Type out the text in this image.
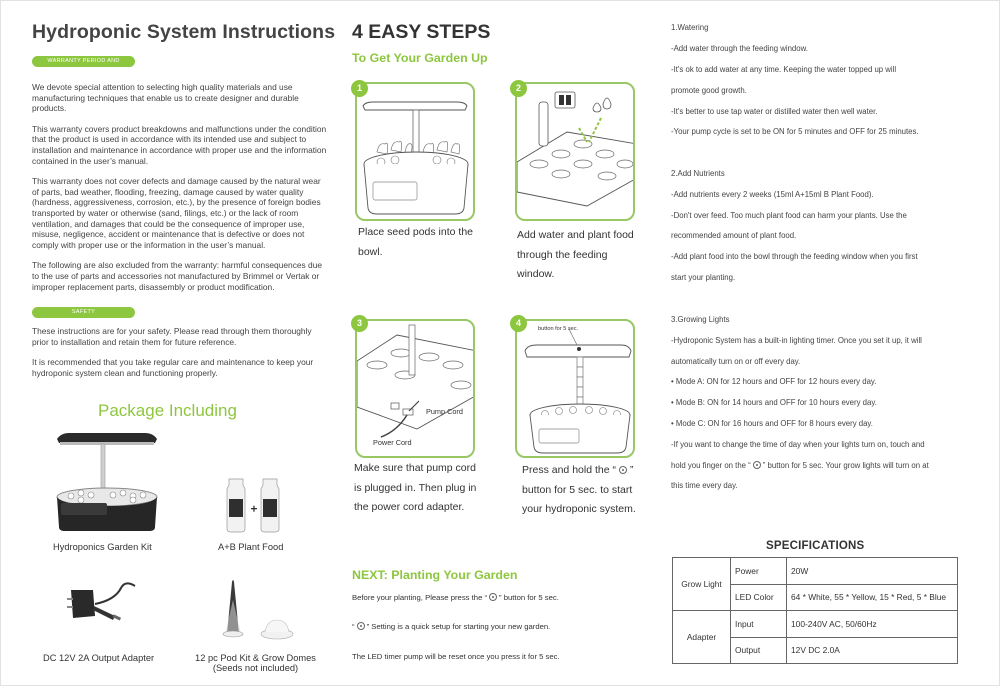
Hydroponic System Instructions
WARRANTY PERIOD AND CONDITIONS
We devote special attention to selecting high quality materials and use manufacturing techniques that enable us to create designer and durable products.
This warranty covers product breakdowns and malfunctions under the condition that the product is used in accordance with its intended use and subject to installation and maintenance in accordance with proper use and the information contained in the user’s manual.
This warranty does not cover defects and damage caused by the natural wear of parts, bad weather, flooding, freezing, damage caused by water quality (hardness, aggressiveness, corrosion, etc.), by the presence of foreign bodies transported by water or otherwise (sand, filings, etc.) or the lack of room ventilation, and damages that could be the consequence of improper use, misuse, negligence, accident or maintenance that is defective or does not comply with proper use or the information in the user’s manual.
The following are also excluded from the warranty: harmful consequences due to the use of parts and accessories not manufactured by Brimmel or Vertak or improper replacement parts, disassembly or product modification.
SAFETY
These instructions are for your safety. Please read through them thoroughly prior to installation and retain them for future reference.
It is recommended that you take regular care and maintenance to keep your hydroponic system clean and functioning properly.
Package Including
Hydroponics Garden Kit	A+B Plant Food
DC 12V 2A Output Adapter	12 pc Pod Kit & Grow Domes
(Seeds not included)
4 EASY STEPS
To Get Your Garden Up
1
Place seed pods into the
bowl.
2
Add water and plant food
through the feeding
window.
3
Pump Cord
Power Cord
Make sure that pump cord
is plugged in. Then plug in
the power cord adapter.
4
button for 5 sec.
Press and hold the “ ”
button for 5 sec. to start
your hydroponic system.
NEXT: Planting Your Garden
Before your planting, Please press the “ ” button for 5 sec.
“ ” Setting is a quick setup for starting your new garden.
The LED timer pump will be reset once you press it for 5 sec.
1.Watering
-Add water through the feeding window.
-It's ok to add water at any time. Keeping the water topped up will
promote good growth.
-It's better to use tap water or distilled water then well water.
-Your pump cycle is set to be ON for 5 minutes and OFF for 25 minutes.
2.Add Nutrients
-Add nutrients every 2 weeks (15ml A+15ml B Plant Food).
-Don't over feed. Too much plant food can harm your plants. Use the
recommended amount of plant food.
-Add plant food into the bowl through the feeding window when you first
start your planting.
3.Growing Lights
-Hydroponic System has a built-in lighting timer. Once you set it up, it will
automatically turn on or off every day.
• Mode A: ON for 12 hours and OFF for 12 hours every day.
• Mode B: ON for 14 hours and OFF for 10 hours every day.
• Mode C: ON for 16 hours and OFF for 8 hours every day.
-If you want to change the time of day when your lights turn on, touch and
hold you finger on the “ ” button for 5 sec. Your grow lights will turn on at
this time every day.
SPECIFICATIONS
Grow Light	Power	20W
	LED Color	64 * White, 55 * Yellow, 15 * Red, 5 * Blue
Adapter	Input	100-240V AC, 50/60Hz
	Output	12V DC 2.0A
